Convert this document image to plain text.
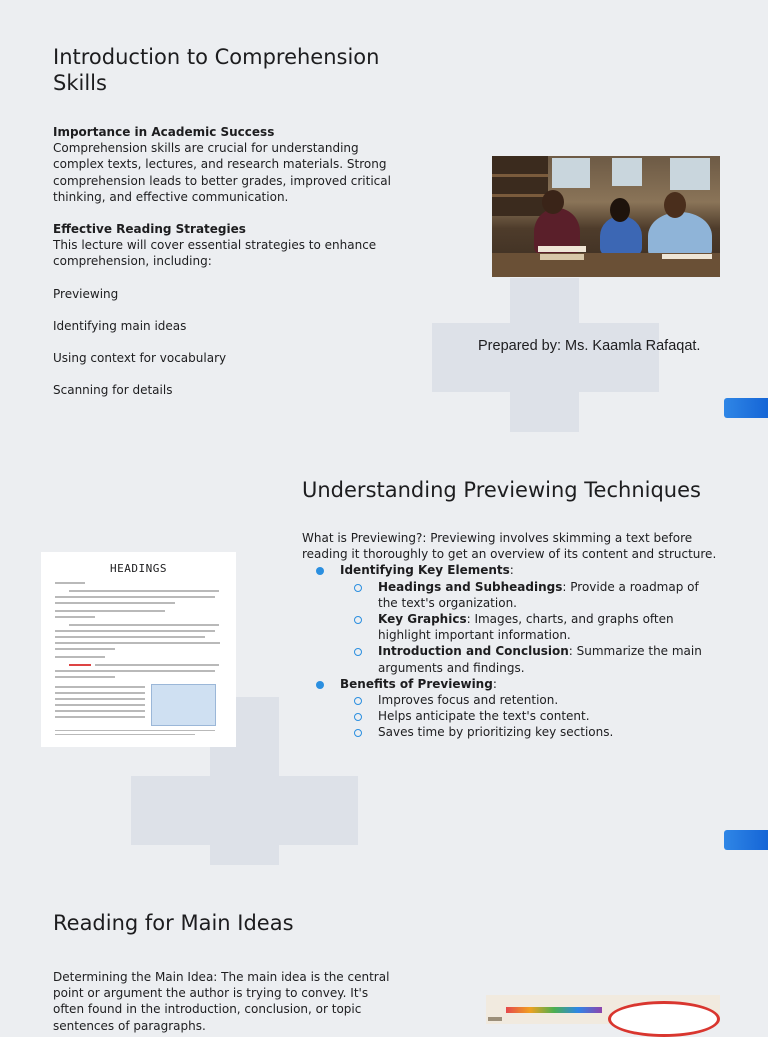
Introduction to Comprehension Skills

Importance in Academic Success

Comprehension skills are crucial for understanding complex texts, lectures, and research materials. Strong comprehension leads to better grades, improved critical thinking, and effective communication.

Effective Reading Strategies

This lecture will cover essential strategies to enhance comprehension, including:

Previewing

Identifying main ideas

Using context for vocabulary

Scanning for details

Prepared by: Ms. Kaamla Rafaqat.
HEADINGS
Understanding Previewing Techniques

What is Previewing?: Previewing involves skimming a text before reading it thoroughly to get an overview of its content and structure.

Identifying Key Elements:
Headings and Subheadings: Provide a roadmap of the text's organization.
Key Graphics: Images, charts, and graphs often highlight important information.
Introduction and Conclusion: Summarize the main arguments and findings.
Benefits of Previewing:
Improves focus and retention.
Helps anticipate the text's content.
Saves time by prioritizing key sections.
Reading for Main Ideas

Determining the Main Idea: The main idea is the central point or argument the author is trying to convey. It's often found in the introduction, conclusion, or topic sentences of paragraphs.
